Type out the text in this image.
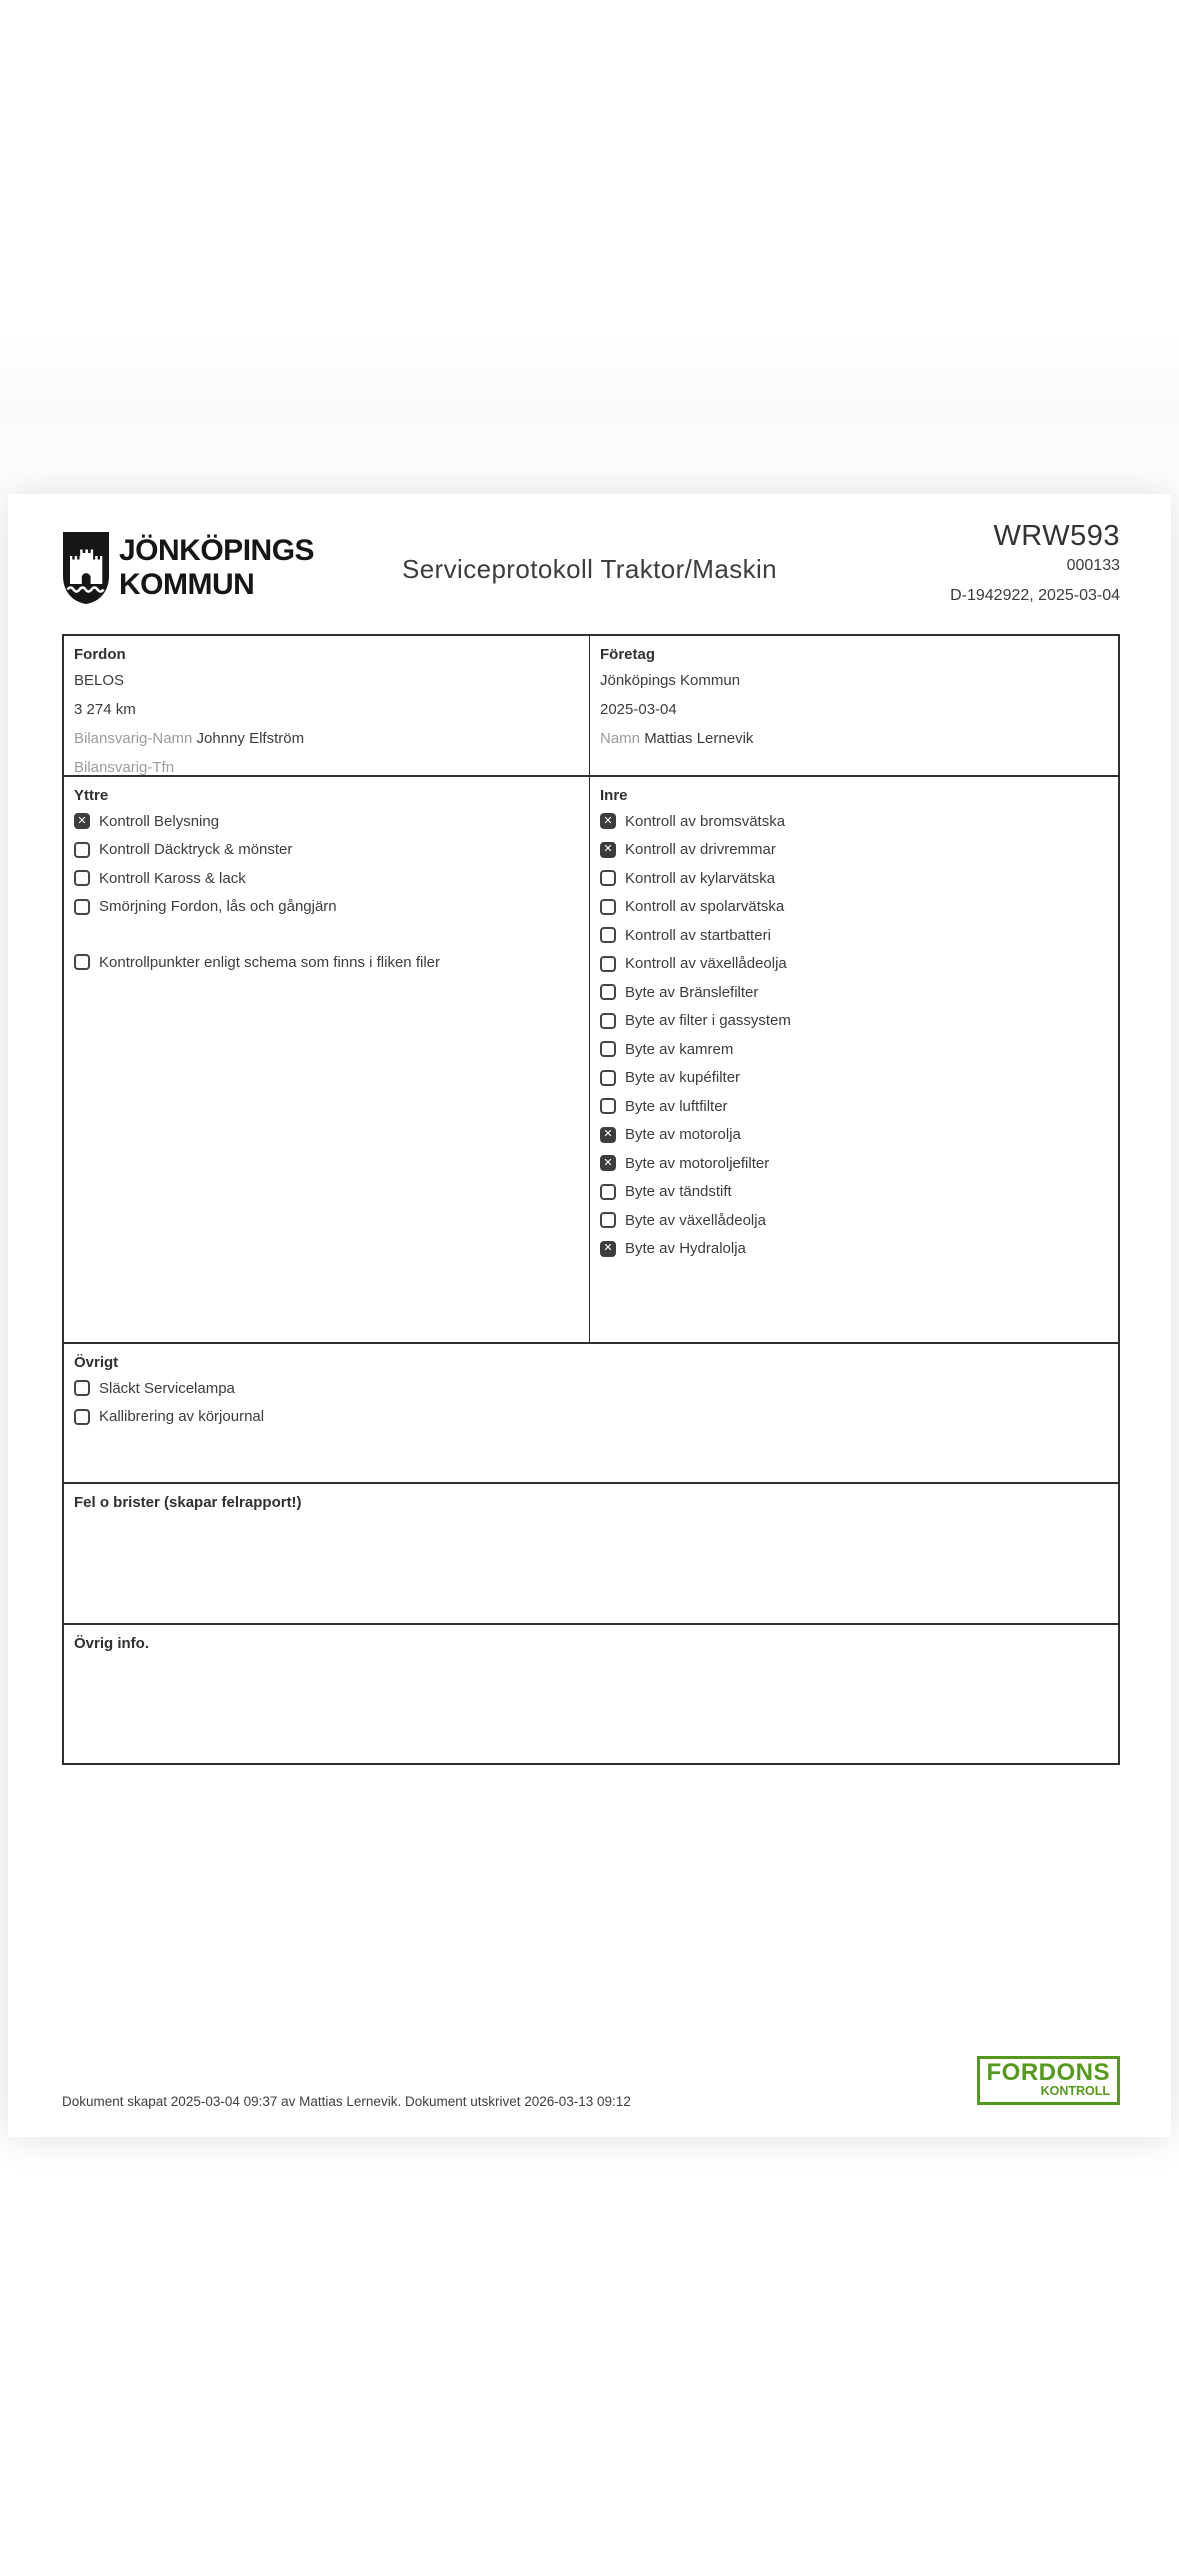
JÖNKÖPINGS
KOMMUN	Serviceprotokoll Traktor/Maskin
WRW593
000133
D-1942922, 2025-03-04
Fordon
BELOS
3 274 km
Bilansvarig-Namn
Johnny Elfström
Bilansvarig-Tfn
Företag
Jönköpings Kommun
2025-03-04
Namn
Mattias Lernevik
Yttre
✕ Kontroll Belysning
Kontroll Däcktryck & mönster
Kontroll Kaross & lack
Smörjning Fordon, lås och gångjärn
Kontrollpunkter enligt schema som finns i fliken filer
Inre
✕ Kontroll av bromsvätska
✕ Kontroll av drivremmar
Kontroll av kylarvätska
Kontroll av spolarvätska
Kontroll av startbatteri
Kontroll av växellådeolja
Byte av Bränslefilter
Byte av filter i gassystem
Byte av kamrem
Byte av kupéfilter
Byte av luftfilter
✕ Byte av motorolja
✕ Byte av motoroljefilter
Byte av tändstift
Byte av växellådeolja
✕ Byte av Hydralolja
Övrigt
Släckt Servicelampa
Kallibrering av körjournal
Fel o brister (skapar felrapport!)
Övrig info.
Dokument skapat 2025-03-04 09:37 av Mattias Lernevik. Dokument utskrivet 2026-03-13 09:12
FORDONS
KONTROLL
